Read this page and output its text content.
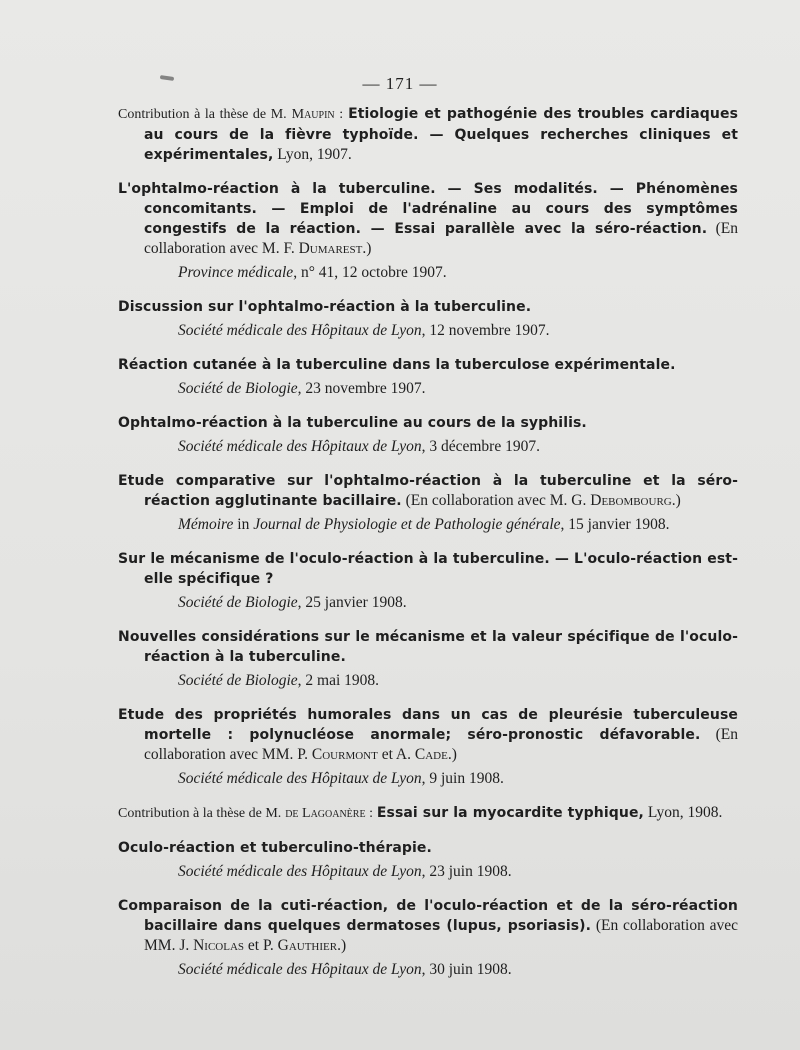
— 171 —
Contribution à la thèse de M. Maupin : Etiologie et pathogénie des troubles cardiaques au cours de la fièvre typhoïde. — Quelques recherches cliniques et expérimentales, Lyon, 1907.
L'ophtalmo-réaction à la tuberculine. — Ses modalités. — Phénomènes concomitants. — Emploi de l'adrénaline au cours des symptômes congestifs de la réaction. — Essai parallèle avec la séro-réaction. (En collaboration avec M. F. Dumarest.)
Province médicale, n° 41, 12 octobre 1907.
Discussion sur l'ophtalmo-réaction à la tuberculine.
Société médicale des Hôpitaux de Lyon, 12 novembre 1907.
Réaction cutanée à la tuberculine dans la tuberculose expérimentale.
Société de Biologie, 23 novembre 1907.
Ophtalmo-réaction à la tuberculine au cours de la syphilis.
Société médicale des Hôpitaux de Lyon, 3 décembre 1907.
Etude comparative sur l'ophtalmo-réaction à la tuberculine et la séro-réaction agglutinante bacillaire. (En collaboration avec M. G. Debombourg.)
Mémoire in Journal de Physiologie et de Pathologie générale, 15 janvier 1908.
Sur le mécanisme de l'oculo-réaction à la tuberculine. — L'oculo-réaction est-elle spécifique ?
Société de Biologie, 25 janvier 1908.
Nouvelles considérations sur le mécanisme et la valeur spécifique de l'oculo-réaction à la tuberculine.
Société de Biologie, 2 mai 1908.
Etude des propriétés humorales dans un cas de pleurésie tuberculeuse mortelle : polynucléose anormale; séro-pronostic défavorable. (En collaboration avec MM. P. Courmont et A. Cade.)
Société médicale des Hôpitaux de Lyon, 9 juin 1908.
Contribution à la thèse de M. de Lagoanère : Essai sur la myocardite typhique, Lyon, 1908.
Oculo-réaction et tuberculino-thérapie.
Société médicale des Hôpitaux de Lyon, 23 juin 1908.
Comparaison de la cuti-réaction, de l'oculo-réaction et de la séro-réaction bacillaire dans quelques dermatoses (lupus, psoriasis). (En collaboration avec MM. J. Nicolas et P. Gauthier.)
Société médicale des Hôpitaux de Lyon, 30 juin 1908.
